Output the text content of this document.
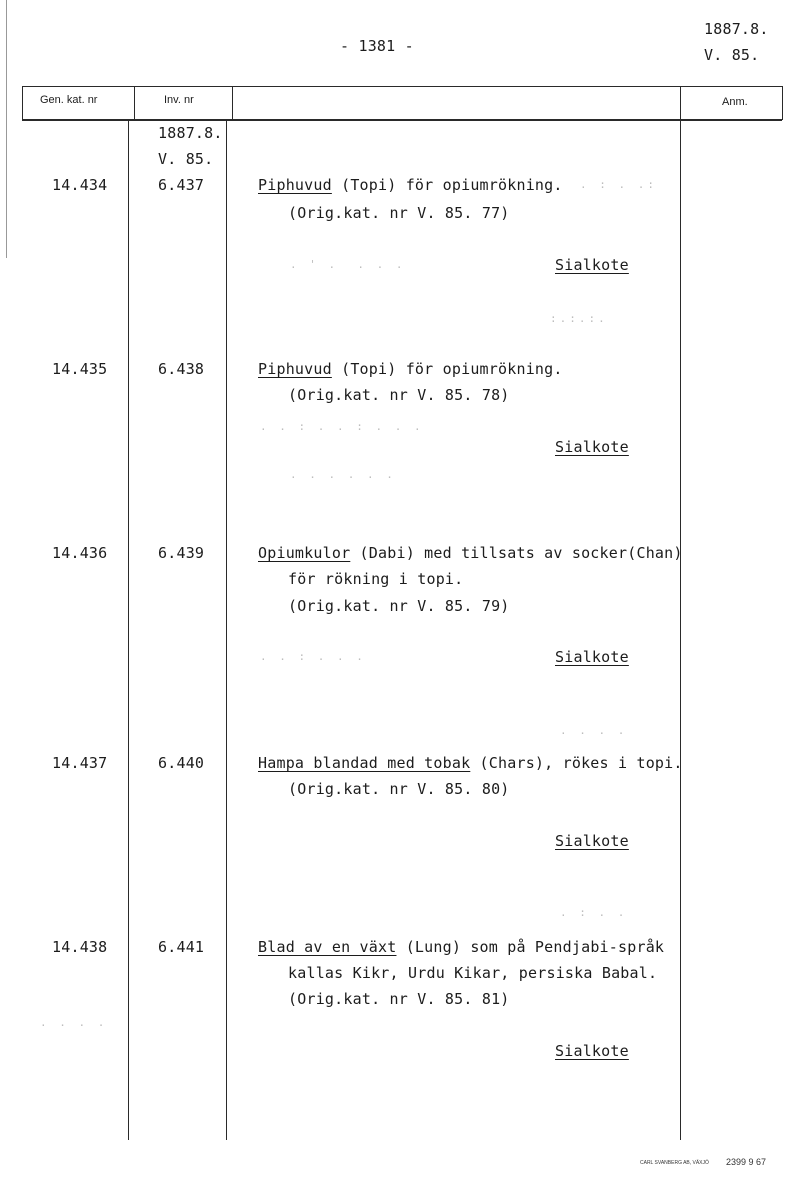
- 1381 -
1887.8.
V. 85.
Gen. kat. nr	Inv. nr	Anm.
1887.8.
V. 85.
14.434	6.437	Piphuvud (Topi) för opiumrökning.
(Orig.kat. nr V. 85. 77)
Sialkote
14.435	6.438	Piphuvud (Topi) för opiumrökning.
(Orig.kat. nr V. 85. 78)
Sialkote
14.436	6.439	Opiumkulor (Dabi) med tillsats av socker(Chan)
för rökning i topi.
(Orig.kat. nr V. 85. 79)
Sialkote
14.437	6.440	Hampa blandad med tobak (Chars), rökes i topi.
(Orig.kat. nr V. 85. 80)
Sialkote
14.438	6.441	Blad av en växt (Lung) som på Pendjabi-språk
kallas Kikr, Urdu Kikar, persiska Babal.
(Orig.kat. nr V. 85. 81)
Sialkote
. : . .:
. ' .  . . .
:.:.:.
. . : . . : . . .
. . . . . .
. . : . . .
. . . .
. : . .
. . . .
CARL SVANBERG AB, VÄXJÖ 2399 9 67
